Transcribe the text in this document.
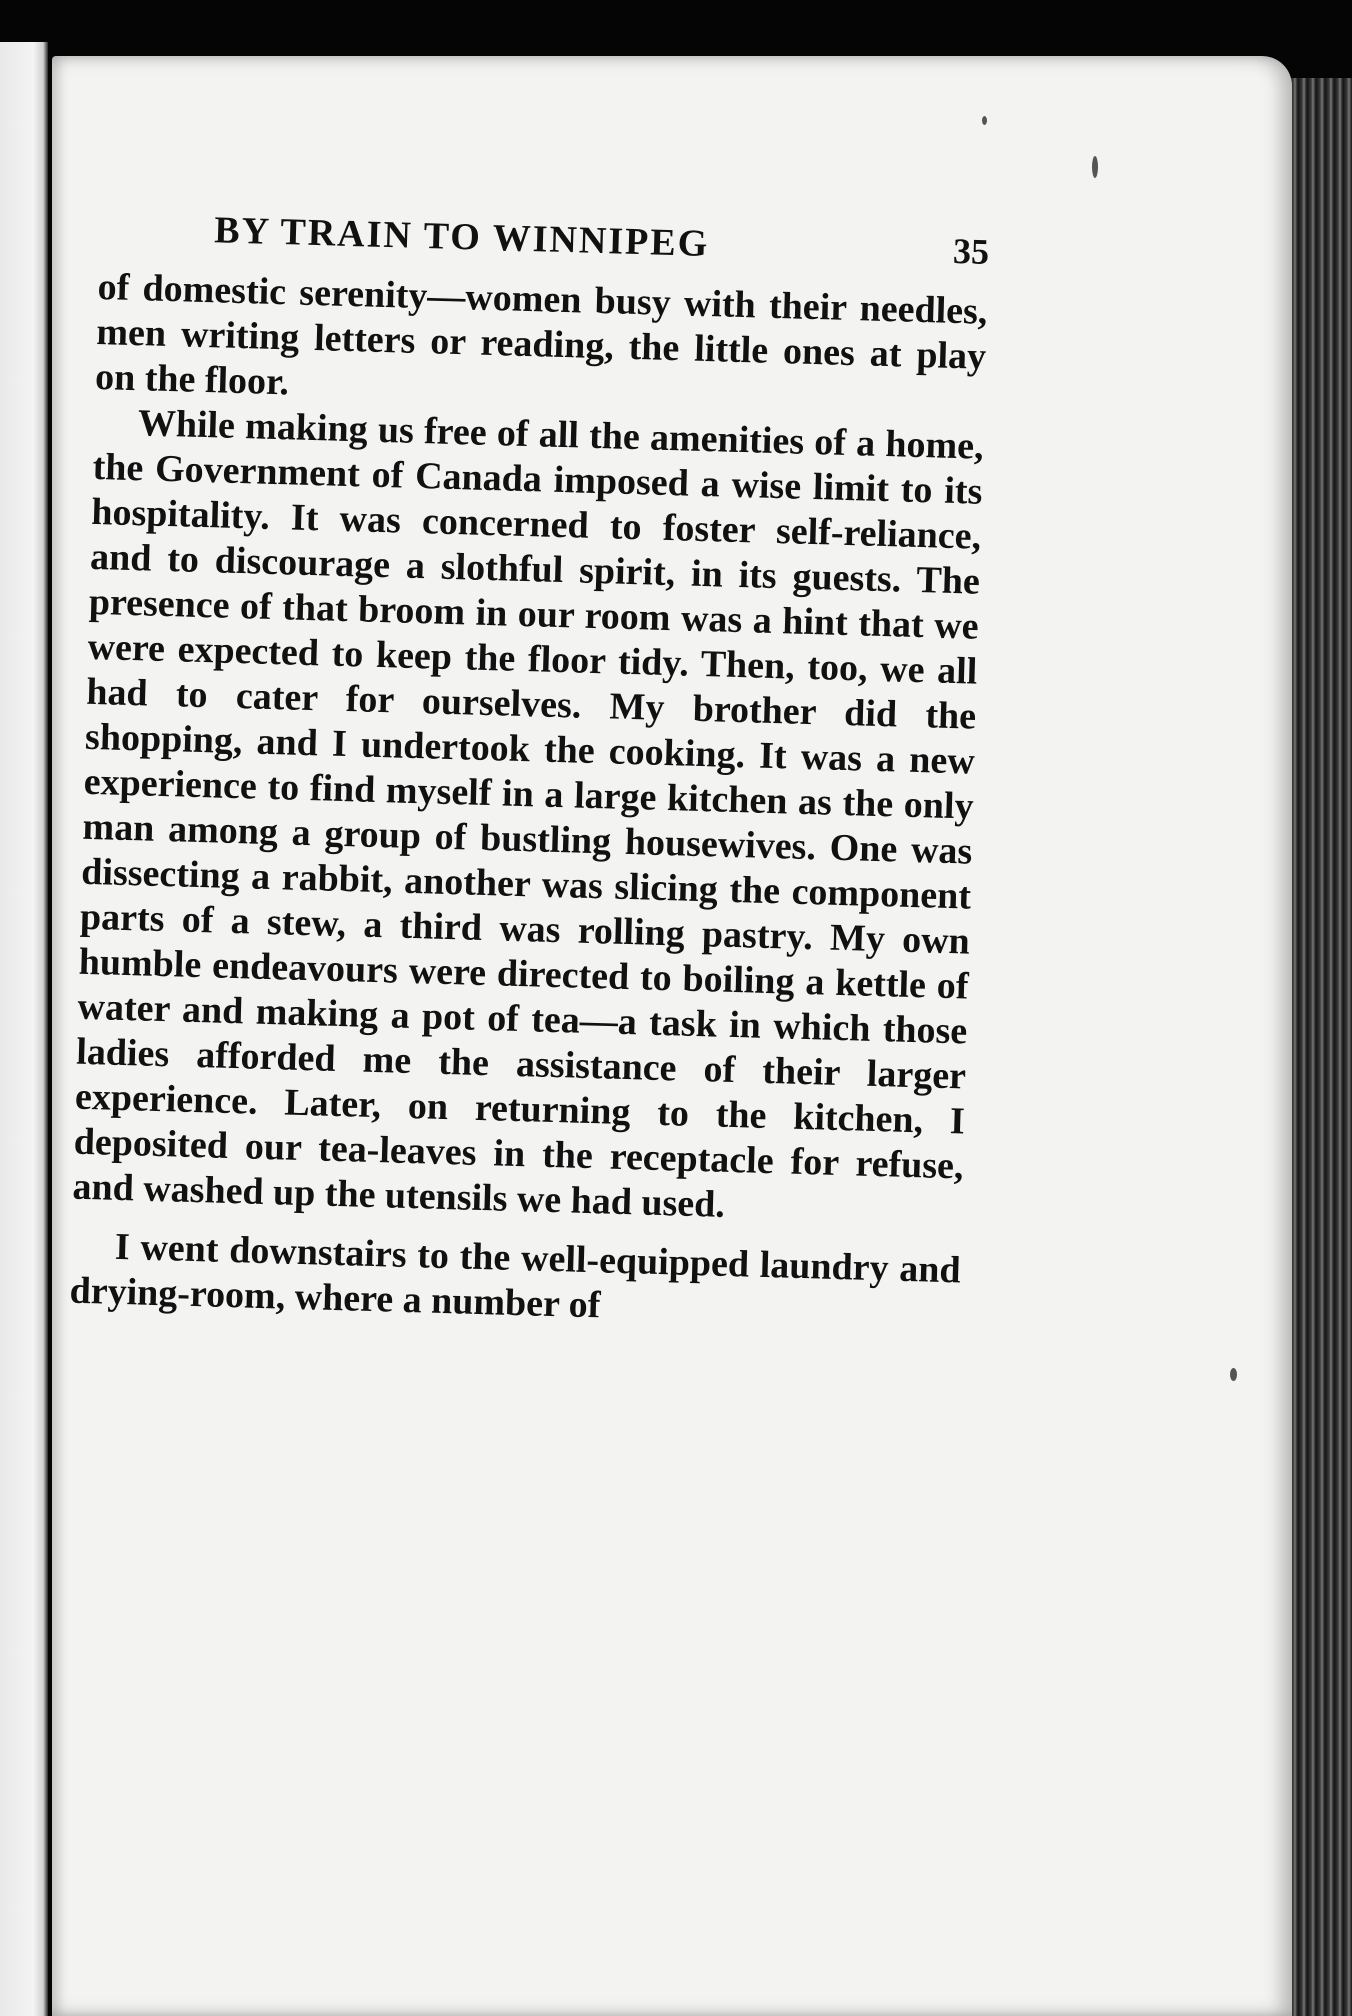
BY TRAIN TO WINNIPEG	35

of domestic serenity—women busy with their needles, men writing letters or reading, the little ones at play on the floor.

While making us free of all the amenities of a home, the Government of Canada imposed a wise limit to its hospitality. It was concerned to foster self-reliance, and to discourage a slothful spirit, in its guests. The presence of that broom in our room was a hint that we were expected to keep the floor tidy. Then, too, we all had to cater for ourselves. My brother did the shopping, and I undertook the cooking. It was a new experience to find myself in a large kitchen as the only man among a group of bustling housewives. One was dissecting a rabbit, another was slicing the component parts of a stew, a third was rolling pastry. My own humble endeavours were directed to boiling a kettle of water and making a pot of tea—a task in which those ladies afforded me the assistance of their larger experience. Later, on returning to the kitchen, I deposited our tea-leaves in the receptacle for refuse, and washed up the utensils we had used.

I went downstairs to the well-equipped laundry and drying-room, where a number of
